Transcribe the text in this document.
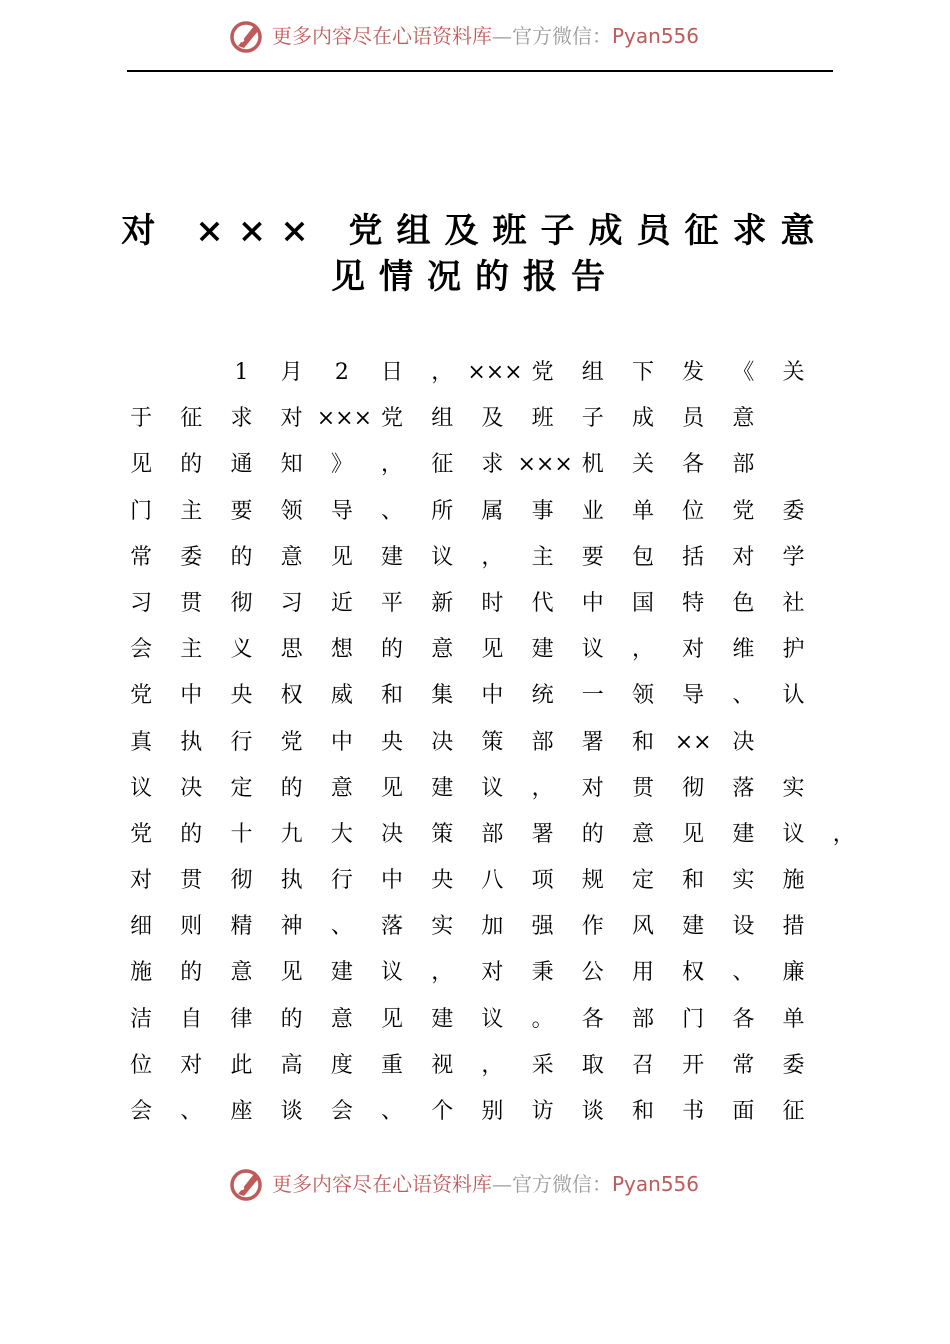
更多内容尽在心语资料库—官方微信：Pyan556
对 ××× 党组及班子成员征求意
见情况的报告
　　1 月 2 日 ， ××× 党 组 下 发 《 关
于 征 求 对 ××× 党 组 及 班 子 成 员 意
见 的 通 知 》 ， 征 求 ××× 机 关 各 部
门 主 要 领 导 、 所 属 事 业 单 位 党 委
常 委 的 意 见 建 议 ， 主 要 包 括 对 学
习 贯 彻 习 近 平 新 时 代 中 国 特 色 社
会 主 义 思 想 的 意 见 建 议 ， 对 维 护
党 中 央 权 威 和 集 中 统 一 领 导 、 认
真 执 行 党 中 央 决 策 部 署 和 ×× 决
议 决 定 的 意 见 建 议 ， 对 贯 彻 落 实
党 的 十 九 大 决 策 部 署 的 意 见 建 议 ，
对 贯 彻 执 行 中 央 八 项 规 定 和 实 施
细 则 精 神 、 落 实 加 强 作 风 建 设 措
施 的 意 见 建 议 ， 对 秉 公 用 权 、 廉
洁 自 律 的 意 见 建 议 。 各 部 门 各 单
位 对 此 高 度 重 视 ， 采 取 召 开 常 委
会 、 座 谈 会 、 个 别 访 谈 和 书 面 征
更多内容尽在心语资料库—官方微信：Pyan556
